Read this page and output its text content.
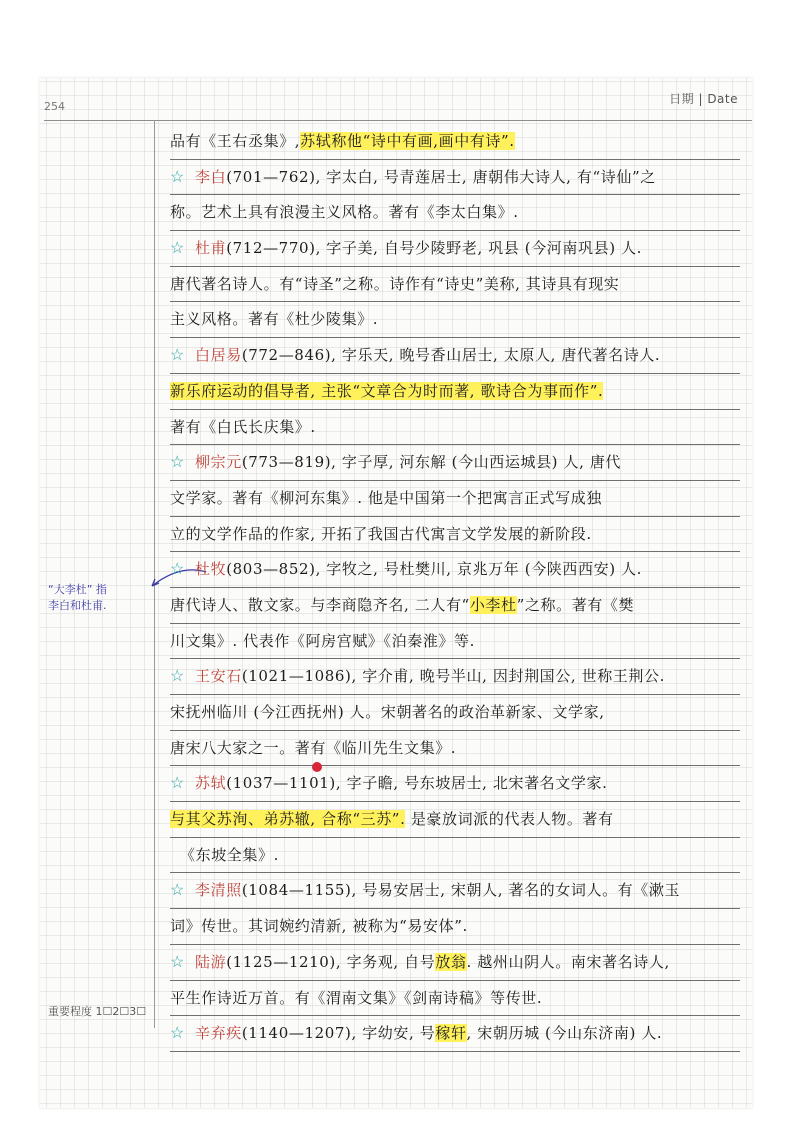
254
日期 | Date
“大李杜” 指
李白和杜甫.
品有《王右丞集》,苏轼称他“诗中有画,画中有诗”.
☆ 李白(701—762), 字太白, 号青莲居士, 唐朝伟大诗人, 有“诗仙”之
称。艺术上具有浪漫主义风格。著有《李太白集》.
☆ 杜甫(712—770), 字子美, 自号少陵野老, 巩县 (今河南巩县) 人.
唐代著名诗人。有“诗圣”之称。诗作有“诗史”美称, 其诗具有现实
主义风格。著有《杜少陵集》.
☆ 白居易(772—846), 字乐天, 晚号香山居士, 太原人, 唐代著名诗人.
新乐府运动的倡导者, 主张“文章合为时而著, 歌诗合为事而作”.
著有《白氏长庆集》.
☆ 柳宗元(773—819), 字子厚, 河东解 (今山西运城县) 人, 唐代
文学家。著有《柳河东集》. 他是中国第一个把寓言正式写成独
立的文学作品的作家, 开拓了我国古代寓言文学发展的新阶段.
☆ 杜牧(803—852), 字牧之, 号杜樊川, 京兆万年 (今陕西西安) 人.
唐代诗人、散文家。与李商隐齐名, 二人有“小李杜”之称。著有《樊
川文集》. 代表作《阿房宫赋》《泊秦淮》等.
☆ 王安石(1021—1086), 字介甫, 晚号半山, 因封荆国公, 世称王荆公.
宋抚州临川 (今江西抚州) 人。宋朝著名的政治革新家、文学家,
唐宋八大家之一。著有《临川先生文集》.
☆ 苏轼(1037—1101), 字子瞻, 号东坡居士, 北宋著名文学家.
与其父苏洵、弟苏辙, 合称“三苏”. 是豪放词派的代表人物。著有
《东坡全集》.
☆ 李清照(1084—1155), 号易安居士, 宋朝人, 著名的女词人。有《漱玉
词》传世。其词婉约清新, 被称为“易安体”.
☆ 陆游(1125—1210), 字务观, 自号放翁. 越州山阴人。南宋著名诗人,
平生作诗近万首。有《渭南文集》《剑南诗稿》等传世.
☆ 辛弃疾(1140—1207), 字幼安, 号稼轩, 宋朝历城 (今山东济南) 人.
重要程度 1☐2☐3☐
